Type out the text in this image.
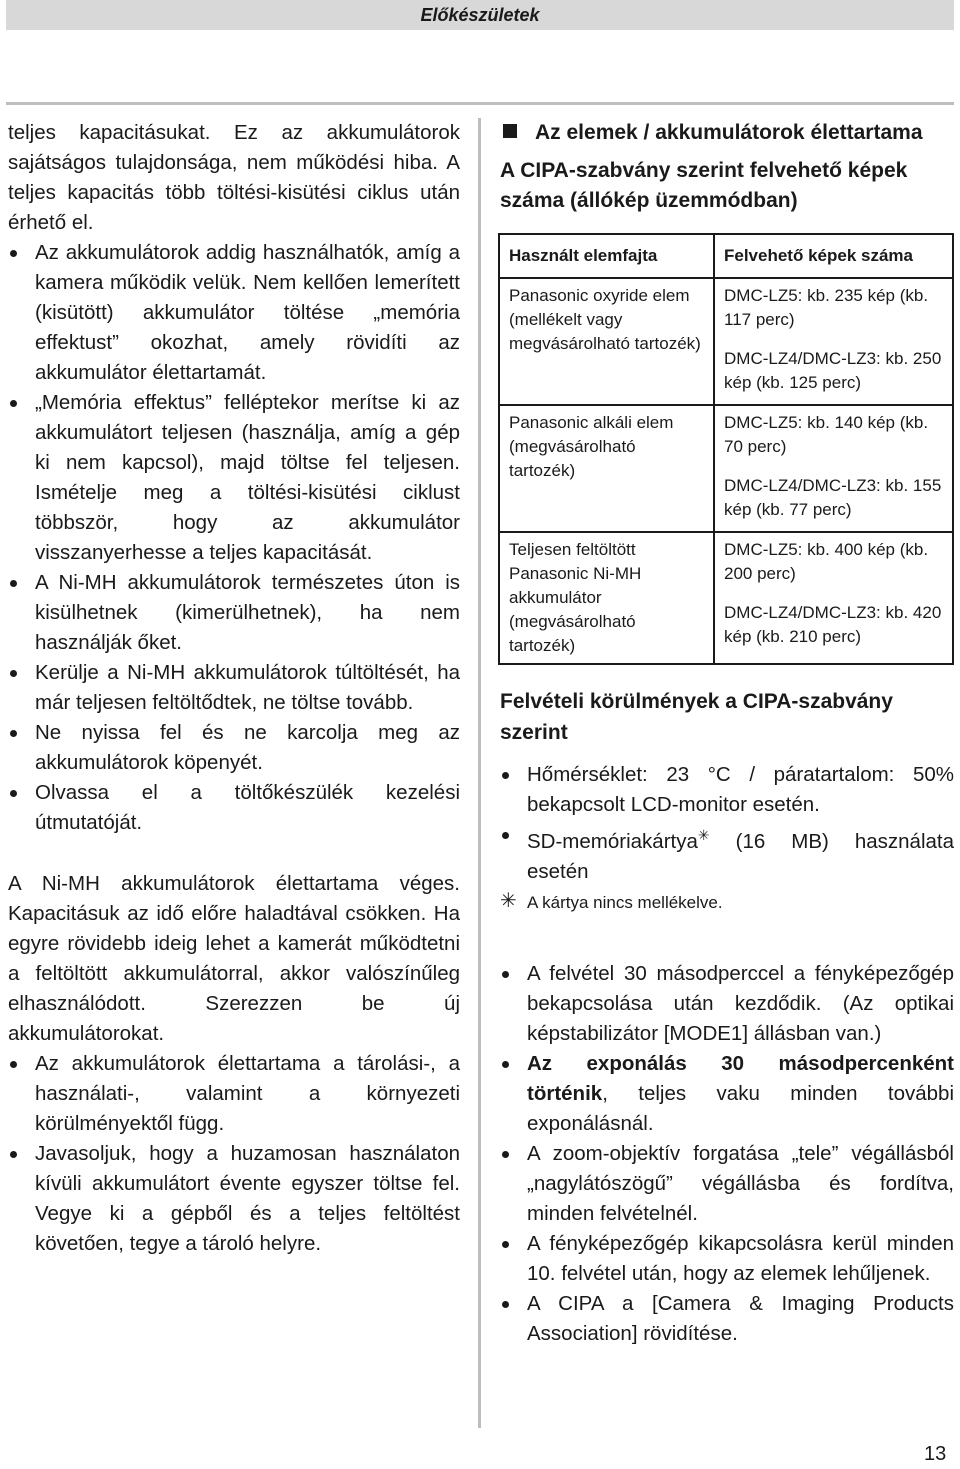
Előkészületek

teljes kapacitásukat. Ez az akkumulátorok sajátságos tulajdonsága, nem működési hiba. A teljes kapacitás több töltési-kisütési ciklus után érhető el.

Az akkumulátorok addig használhatók, amíg a kamera működik velük. Nem kellően lemerített (kisütött) akkumulátor töltése „memória effektust” okozhat, amely rövidíti az akkumulátor élettartamát.

„Memória effektus” felléptekor merítse ki az akkumulátort teljesen (használja, amíg a gép ki nem kapcsol), majd töltse fel teljesen. Ismételje meg a töltési-kisütési ciklust többször, hogy az akkumulátor visszanyerhesse a teljes kapacitását.

A Ni-MH akkumulátorok természetes úton is kisülhetnek (kimerülhetnek), ha nem használják őket.

Kerülje a Ni-MH akkumulátorok túltöltését, ha már teljesen feltöltődtek, ne töltse tovább.

Ne nyissa fel és ne karcolja meg az akkumulátorok köpenyét.

Olvassa el a töltőkészülék kezelési útmutatóját.

A Ni-MH akkumulátorok élettartama véges. Kapacitásuk az idő előre haladtával csökken. Ha egyre rövidebb ideig lehet a kamerát működtetni a feltöltött akkumulátorral, akkor valószínűleg elhasználódott. Szerezzen be új akkumulátorokat.

Az akkumulátorok élettartama a tárolási-, a használati-, valamint a környezeti körülményektől függ.

Javasoljuk, hogy a huzamosan használaton kívüli akkumulátort évente egyszer töltse fel. Vegye ki a gépből és a teljes feltöltést követően, tegye a tároló helyre.

Az elemek / akkumulátorok élettartama
A CIPA-szabvány szerint felvehető képek száma (állókép üzemmódban)
Használt elemfajta	Felvehető képek száma
Panasonic oxyride elem (mellékelt vagy megvásárolható tartozék)	DMC-LZ5: kb. 235 kép (kb. 117 perc)
DMC-LZ4/DMC-LZ3: kb. 250 kép (kb. 125 perc)

Panasonic alkáli elem (megvásárolható tartozék)	DMC-LZ5: kb. 140 kép (kb. 70 perc)
DMC-LZ4/DMC-LZ3: kb. 155 kép (kb. 77 perc)

Teljesen feltöltött Panasonic Ni-MH akkumulátor (megvásárolható tartozék)	DMC-LZ5: kb. 400 kép (kb. 200 perc)
DMC-LZ4/DMC-LZ3: kb. 420 kép (kb. 210 perc)
Felvételi körülmények a CIPA-szabvány szerint

Hőmérséklet: 23 °C / páratartalom: 50% bekapcsolt LCD-monitor esetén.

SD-memóriakártya✳ (16 MB) használata esetén

✳ A kártya nincs mellékelve.

A felvétel 30 másodperccel a fényképezőgép bekapcsolása után kezdődik. (Az optikai képstabilizátor [MODE1] állásban van.)

Az exponálás 30 másodpercenként történik, teljes vaku minden további exponálásnál.

A zoom-objektív forgatása „tele” végállásból „nagylátószögű” végállásba és fordítva, minden felvételnél.

A fényképezőgép kikapcsolásra kerül minden 10. felvétel után, hogy az elemek lehűljenek.

A CIPA a [Camera & Imaging Products Association] rövidítése.

13
